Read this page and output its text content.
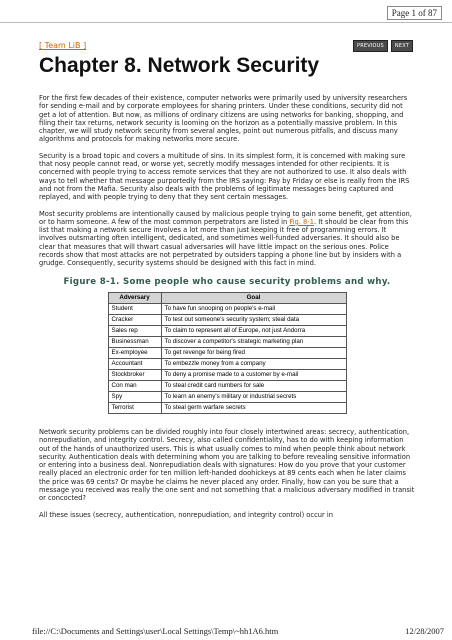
Page 1 of 87
[ Team LiB ]	PREVIOUS	NEXT
Chapter 8. Network Security

For the first few decades of their existence, computer networks were primarily used by university researchers for sending e-mail and by corporate employees for sharing printers. Under these conditions, security did not get a lot of attention. But now, as millions of ordinary citizens are using networks for banking, shopping, and filing their tax returns, network security is looming on the horizon as a potentially massive problem. In this chapter, we will study network security from several angles, point out numerous pitfalls, and discuss many algorithms and protocols for making networks more secure.

Security is a broad topic and covers a multitude of sins. In its simplest form, it is concerned with making sure that nosy people cannot read, or worse yet, secretly modify messages intended for other recipients. It is concerned with people trying to access remote services that they are not authorized to use. It also deals with ways to tell whether that message purportedly from the IRS saying: Pay by Friday or else is really from the IRS and not from the Mafia. Security also deals with the problems of legitimate messages being captured and replayed, and with people trying to deny that they sent certain messages.

Most security problems are intentionally caused by malicious people trying to gain some benefit, get attention, or to harm someone. A few of the most common perpetrators are listed in Fig. 8-1. It should be clear from this list that making a network secure involves a lot more than just keeping it free of programming errors. It involves outsmarting often intelligent, dedicated, and sometimes well-funded adversaries. It should also be clear that measures that will thwart casual adversaries will have little impact on the serious ones. Police records show that most attacks are not perpetrated by outsiders tapping a phone line but by insiders with a grudge. Consequently, security systems should be designed with this fact in mind.

Figure 8-1. Some people who cause security problems and why.
Adversary	Goal
Student	To have fun snooping on people's e-mail
Cracker	To test out someone's security system; steal data
Sales rep	To claim to represent all of Europe, not just Andorra
Businessman	To discover a competitor's strategic marketing plan
Ex-employee	To get revenge for being fired
Accountant	To embezzle money from a company
Stockbroker	To deny a promise made to a customer by e-mail
Con man	To steal credit card numbers for sale
Spy	To learn an enemy's military or industrial secrets
Terrorist	To steal germ warfare secrets

Network security problems can be divided roughly into four closely intertwined areas: secrecy, authentication, nonrepudiation, and integrity control. Secrecy, also called confidentiality, has to do with keeping information out of the hands of unauthorized users. This is what usually comes to mind when people think about network security. Authentication deals with determining whom you are talking to before revealing sensitive information or entering into a business deal. Nonrepudiation deals with signatures: How do you prove that your customer really placed an electronic order for ten million left-handed doohickeys at 89 cents each when he later claims the price was 69 cents? Or maybe he claims he never placed any order. Finally, how can you be sure that a message you received was really the one sent and not something that a malicious adversary modified in transit or concocted?

All these issues (secrecy, authentication, nonrepudiation, and integrity control) occur in

file://C:\Documents and Settings\user\Local Settings\Temp\~hh1A6.htm	12/28/2007
